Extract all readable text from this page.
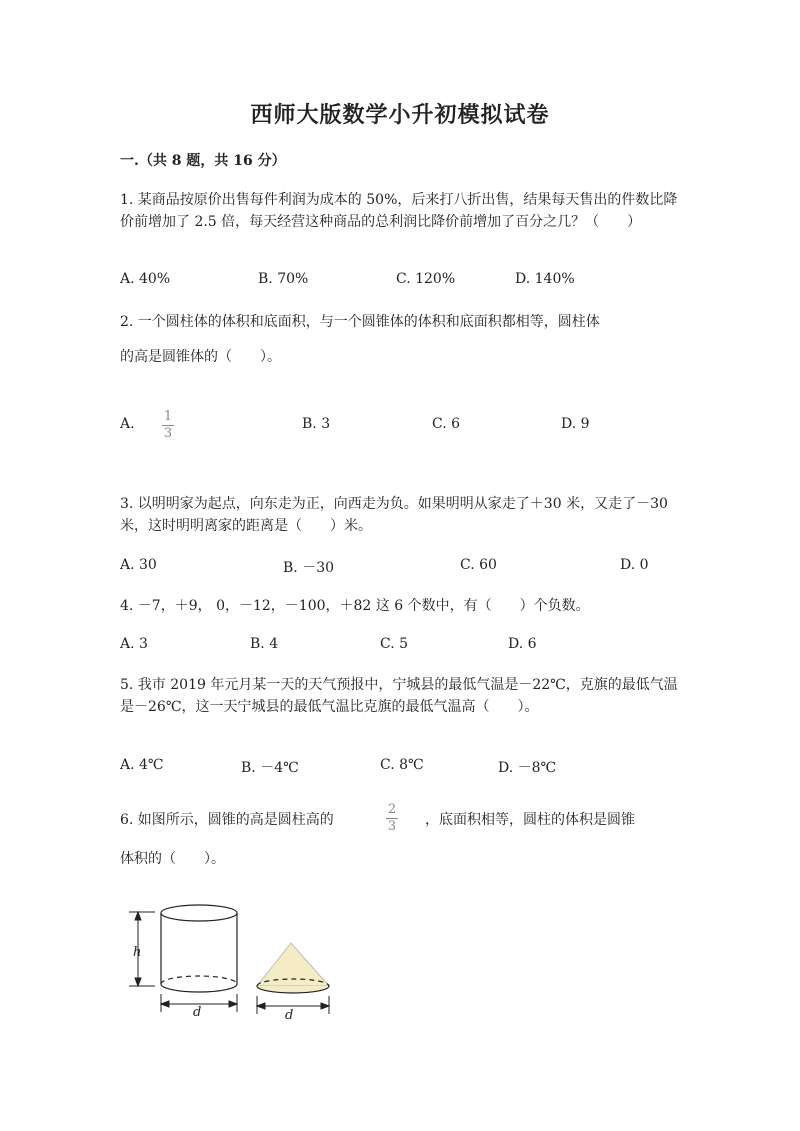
西师大版数学小升初模拟试卷
一.（共 8 题，共 16 分）
1. 某商品按原价出售每件利润为成本的 50%，后来打八折出售，结果每天售出的件数比降价前增加了 2.5 倍，每天经营这种商品的总利润比降价前增加了百分之几？（　　）
A. 40%	B. 70%	C. 120%	D. 140%
2. 一个圆柱体的体积和底面积，与一个圆锥体的体积和底面积都相等，圆柱体
的高是圆锥体的（　　）。
A. 1
3
B. 3	C. 6	D. 9
3. 以明明家为起点，向东走为正，向西走为负。如果明明从家走了＋30 米，又走了－30 米，这时明明离家的距离是（　　）米。
A. 30	B. －30	C. 60	D. 0
4. －7，＋9， 0，－12，－100，＋82 这 6 个数中，有（　　）个负数。
A. 3	B. 4	C. 5	D. 6
5. 我市 2019 年元月某一天的天气预报中，宁城县的最低气温是－22℃，克旗的最低气温是－26℃，这一天宁城县的最低气温比克旗的最低气温高（　　）。
A. 4℃	B. －4℃	C. 8℃	D. －8℃
6. 如图所示，圆锥的高是圆柱高的
2
3 ，底面积相等，圆柱的体积是圆锥
体积的（　　）。
h
d	d
